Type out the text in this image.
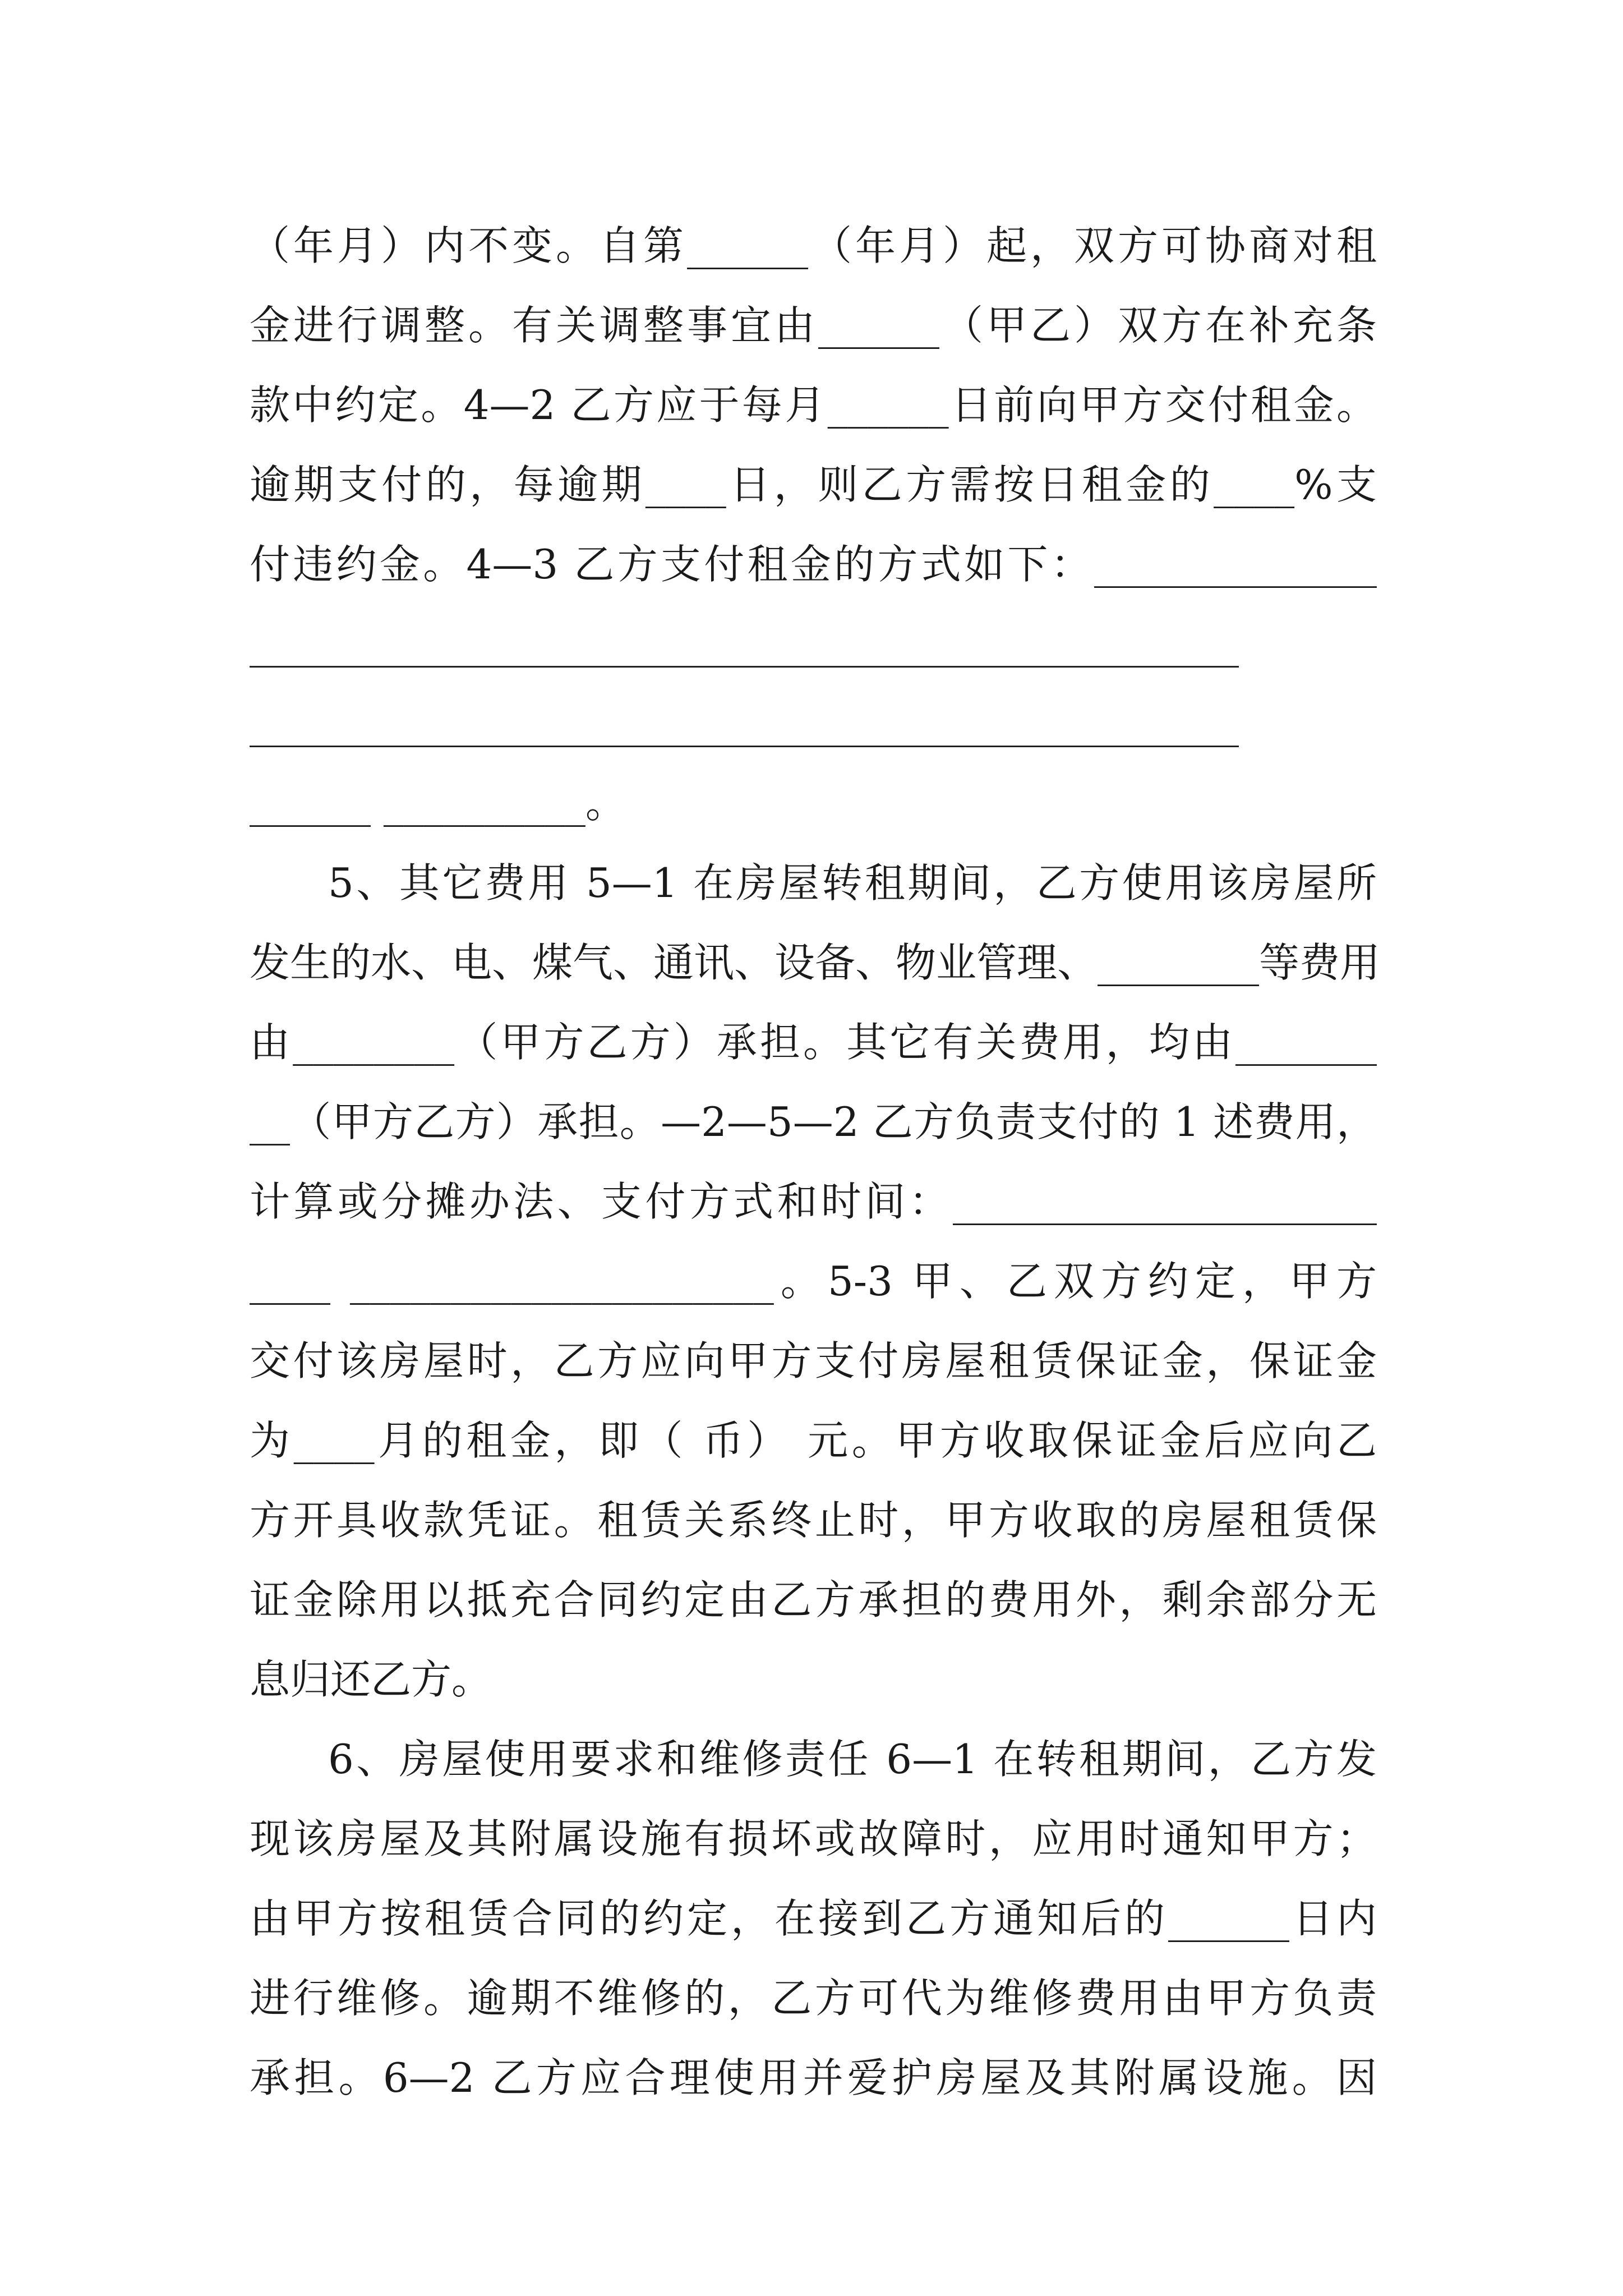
（年月）内不变。自第______（年月）起，双方可协商对租
金进行调整。有关调整事宜由______（甲乙）双方在补充条
款中约定。4—2 乙方应于每月______日前向甲方交付租金。
逾期支付的，每逾期____日，则乙方需按日租金的____%支
付违约金。4—3 乙方支付租金的方式如下：______________
_________________________________________________
_________________________________________________
______ __________。
5、其它费用 5—1 在房屋转租期间，乙方使用该房屋所
发生的水、电、煤气、通讯、设备、物业管理、________等费用
由________（甲方乙方）承担。其它有关费用，均由_______
__（甲方乙方）承担。—2—5—2 乙方负责支付的 1 述费用，
计算或分摊办法、支付方式和时间：_____________________
____ _____________________。5-3 甲、乙双方约定，甲方
交付该房屋时，乙方应向甲方支付房屋租赁保证金，保证金
为____月的租金，即（ 币） 元。甲方收取保证金后应向乙
方开具收款凭证。租赁关系终止时，甲方收取的房屋租赁保
证金除用以抵充合同约定由乙方承担的费用外，剩余部分无
息归还乙方。
6、房屋使用要求和维修责任 6—1 在转租期间，乙方发
现该房屋及其附属设施有损坏或故障时，应用时通知甲方；
由甲方按租赁合同的约定，在接到乙方通知后的______日内
进行维修。逾期不维修的，乙方可代为维修费用由甲方负责
承担。6—2 乙方应合理使用并爱护房屋及其附属设施。因
